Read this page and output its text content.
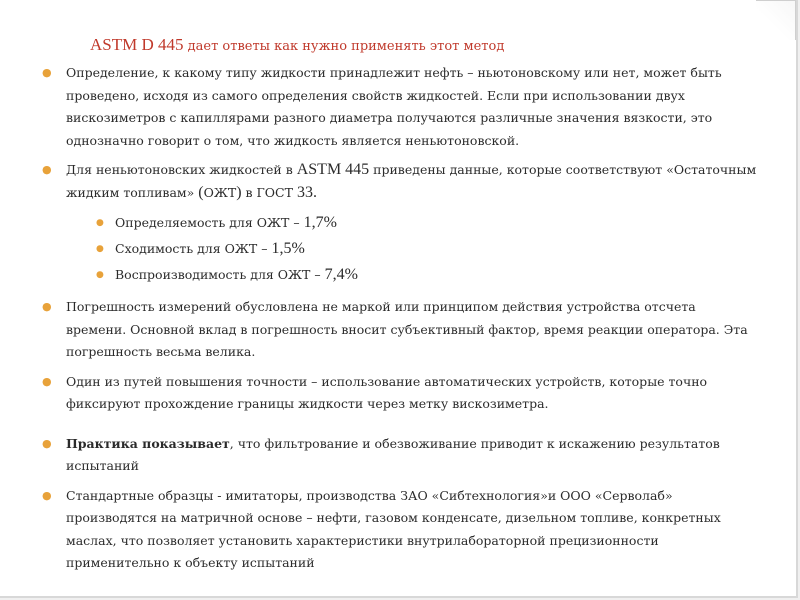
ASTM D 445 дает ответы как нужно применять этот метод
● Определение, к какому типу жидкости принадлежит нефть – ньютоновскому или нет, может быть проведено, исходя из самого определения свойств жидкостей. Если при использовании двух вискозиметров с капиллярами разного диаметра получаются различные значения вязкости, это однозначно говорит о том, что жидкость является неньютоновской.
● Для неньютоновских жидкостей в ASTM 445 приведены данные, которые соответствуют «Остаточным жидким топливам» (ОЖТ) в ГОСТ 33.
● Определяемость для ОЖТ – 1,7%
● Сходимость для ОЖТ – 1,5%
● Воспроизводимость для ОЖТ – 7,4%
● Погрешность измерений обусловлена не маркой или принципом действия устройства отсчета времени. Основной вклад в погрешность вносит субъективный фактор, время реакции оператора. Эта погрешность весьма велика.
● Один из путей повышения точности – использование автоматических устройств, которые точно фиксируют прохождение границы жидкости через метку вискозиметра.
● Практика показывает, что фильтрование и обезвоживание приводит к искажению результатов испытаний
● Стандартные образцы - имитаторы, производства ЗАО «Сибтехнология»и ООО «Серволаб» производятся на матричной основе – нефти, газовом конденсате, дизельном топливе, конкретных маслах, что позволяет установить характеристики внутрилабораторной прецизионности применительно к объекту испытаний
